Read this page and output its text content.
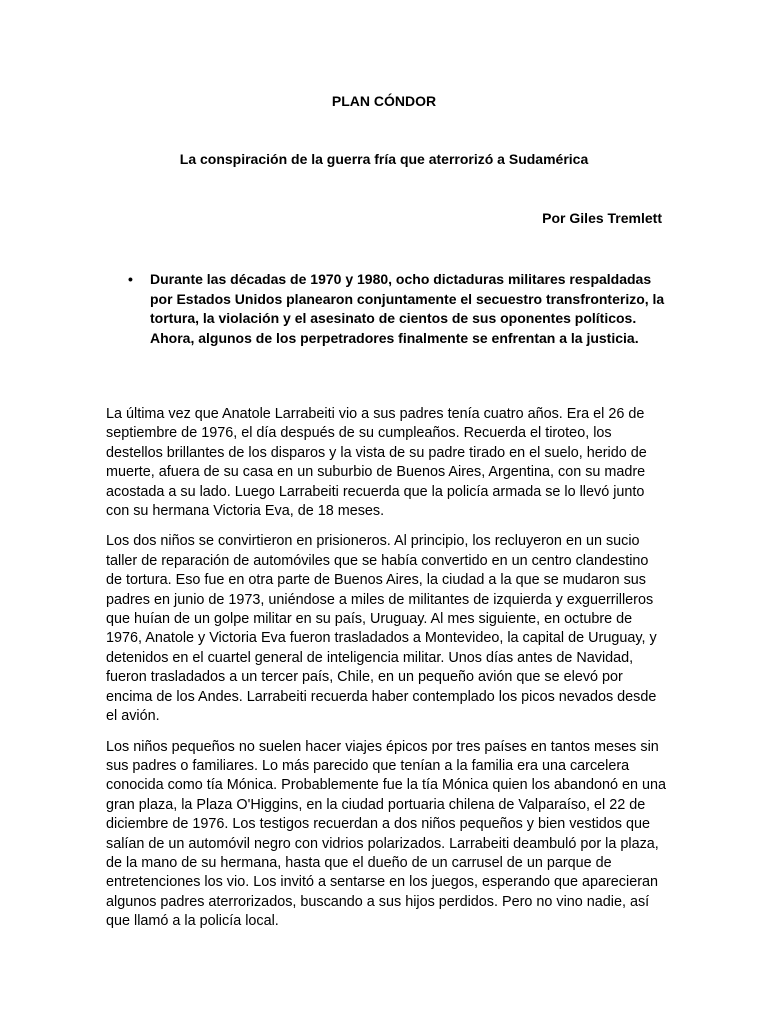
PLAN CÓNDOR
La conspiración de la guerra fría que aterrorizó a Sudamérica
Por Giles Tremlett
• Durante las décadas de 1970 y 1980, ocho dictaduras militares respaldadas por Estados Unidos planearon conjuntamente el secuestro transfronterizo, la tortura, la violación y el asesinato de cientos de sus oponentes políticos. Ahora, algunos de los perpetradores finalmente se enfrentan a la justicia.

La última vez que Anatole Larrabeiti vio a sus padres tenía cuatro años. Era el 26 de septiembre de 1976, el día después de su cumpleaños. Recuerda el tiroteo, los destellos brillantes de los disparos y la vista de su padre tirado en el suelo, herido de muerte, afuera de su casa en un suburbio de Buenos Aires, Argentina, con su madre acostada a su lado. Luego Larrabeiti recuerda que la policía armada se lo llevó junto con su hermana Victoria Eva, de 18 meses.

Los dos niños se convirtieron en prisioneros. Al principio, los recluyeron en un sucio taller de reparación de automóviles que se había convertido en un centro clandestino de tortura. Eso fue en otra parte de Buenos Aires, la ciudad a la que se mudaron sus padres en junio de 1973, uniéndose a miles de militantes de izquierda y exguerrilleros que huían de un golpe militar en su país, Uruguay. Al mes siguiente, en octubre de 1976, Anatole y Victoria Eva fueron trasladados a Montevideo, la capital de Uruguay, y detenidos en el cuartel general de inteligencia militar. Unos días antes de Navidad, fueron trasladados a un tercer país, Chile, en un pequeño avión que se elevó por encima de los Andes. Larrabeiti recuerda haber contemplado los picos nevados desde el avión.

Los niños pequeños no suelen hacer viajes épicos por tres países en tantos meses sin sus padres o familiares. Lo más parecido que tenían a la familia era una carcelera conocida como tía Mónica. Probablemente fue la tía Mónica quien los abandonó en una gran plaza, la Plaza O'Higgins, en la ciudad portuaria chilena de Valparaíso, el 22 de diciembre de 1976. Los testigos recuerdan a dos niños pequeños y bien vestidos que salían de un automóvil negro con vidrios polarizados. Larrabeiti deambuló por la plaza, de la mano de su hermana, hasta que el dueño de un carrusel de un parque de entretenciones los vio. Los invitó a sentarse en los juegos, esperando que aparecieran algunos padres aterrorizados, buscando a sus hijos perdidos. Pero no vino nadie, así que llamó a la policía local.
